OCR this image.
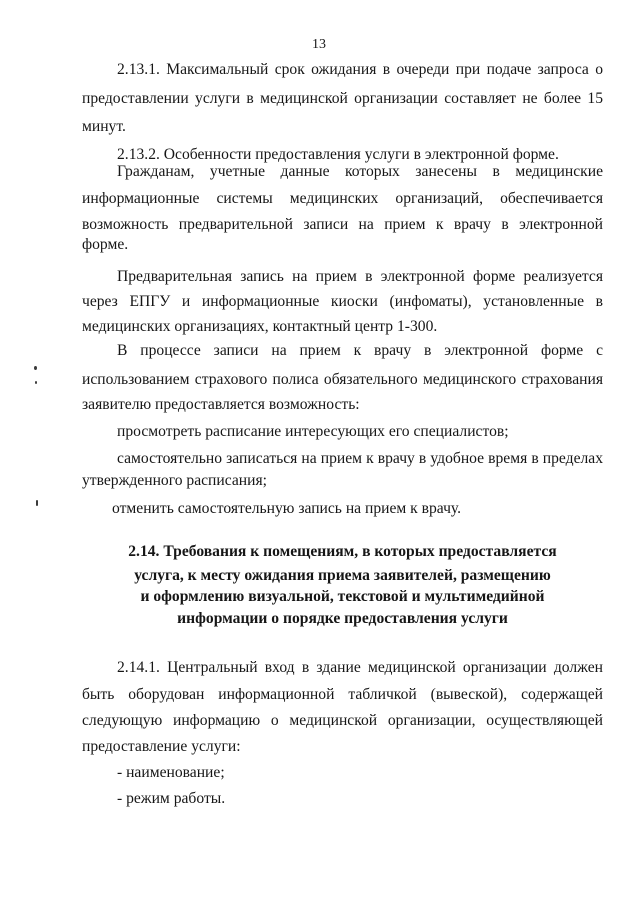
13

2.13.1. Максимальный срок ожидания в очереди при подаче запроса о

предоставлении услуги в медицинской организации составляет не более 15

минут.

2.13.2. Особенности предоставления услуги в электронной форме.

Гражданам, учетные данные которых занесены в медицинские

информационные системы медицинских организаций, обеспечивается

возможность предварительной записи на прием к врачу в электронной

форме.

Предварительная запись на прием в электронной форме реализуется

через ЕПГУ и информационные киоски (инфоматы), установленные в

медицинских организациях, контактный центр 1-300.

В процессе записи на прием к врачу в электронной форме с

использованием страхового полиса обязательного медицинского страхования

заявителю предоставляется возможность:

просмотреть расписание интересующих его специалистов;

самостоятельно записаться на прием к врачу в удобное время в пределах

утвержденного расписания;

отменить самостоятельную запись на прием к врачу.

2.14. Требования к помещениям, в которых предоставляется

услуга, к месту ожидания приема заявителей, размещению

и оформлению визуальной, текстовой и мультимедийной

информации о порядке предоставления услуги

2.14.1. Центральный вход в здание медицинской организации должен

быть оборудован информационной табличкой (вывеской), содержащей

следующую информацию о медицинской организации, осуществляющей

предоставление услуги:

- наименование;

- режим работы.
